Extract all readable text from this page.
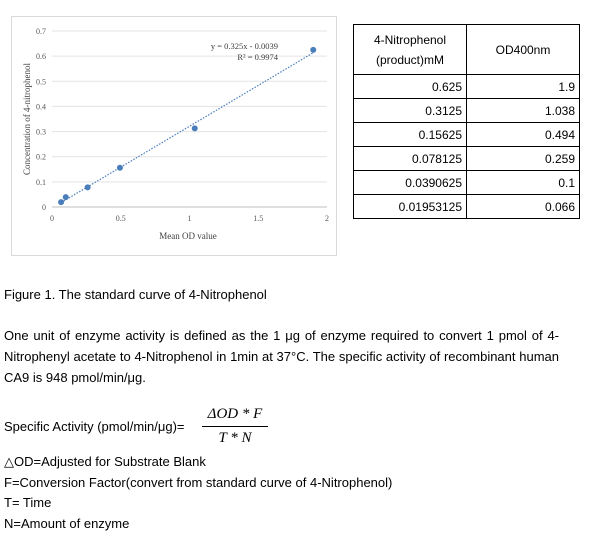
0
0.1
0.2
0.3
0.4
0.5
0.6
0.7
0	0.5	1	1.5	2
y = 0.325x - 0.0039
R² = 0.9974
Mean OD value
Concentration of 4-nitrophenol
4-Nitrophenol
(product)mM	OD400nm
0.625	1.9
0.3125	1.038
0.15625	0.494
0.078125	0.259
0.0390625	0.1
0.01953125	0.066
Figure 1. The standard curve of 4-Nitrophenol
One unit of enzyme activity is defined as the 1 μg of enzyme required to convert 1 pmol of 4-Nitrophenyl acetate to 4-Nitrophenol in 1min at 37°C. The specific activity of recombinant human CA9 is 948 pmol/min/μg.
Specific Activity (pmol/min/μg)=
ΔOD * F
T * N
△OD=Adjusted for Substrate Blank
F=Conversion Factor(convert from standard curve of 4-Nitrophenol)
T= Time
N=Amount of enzyme
